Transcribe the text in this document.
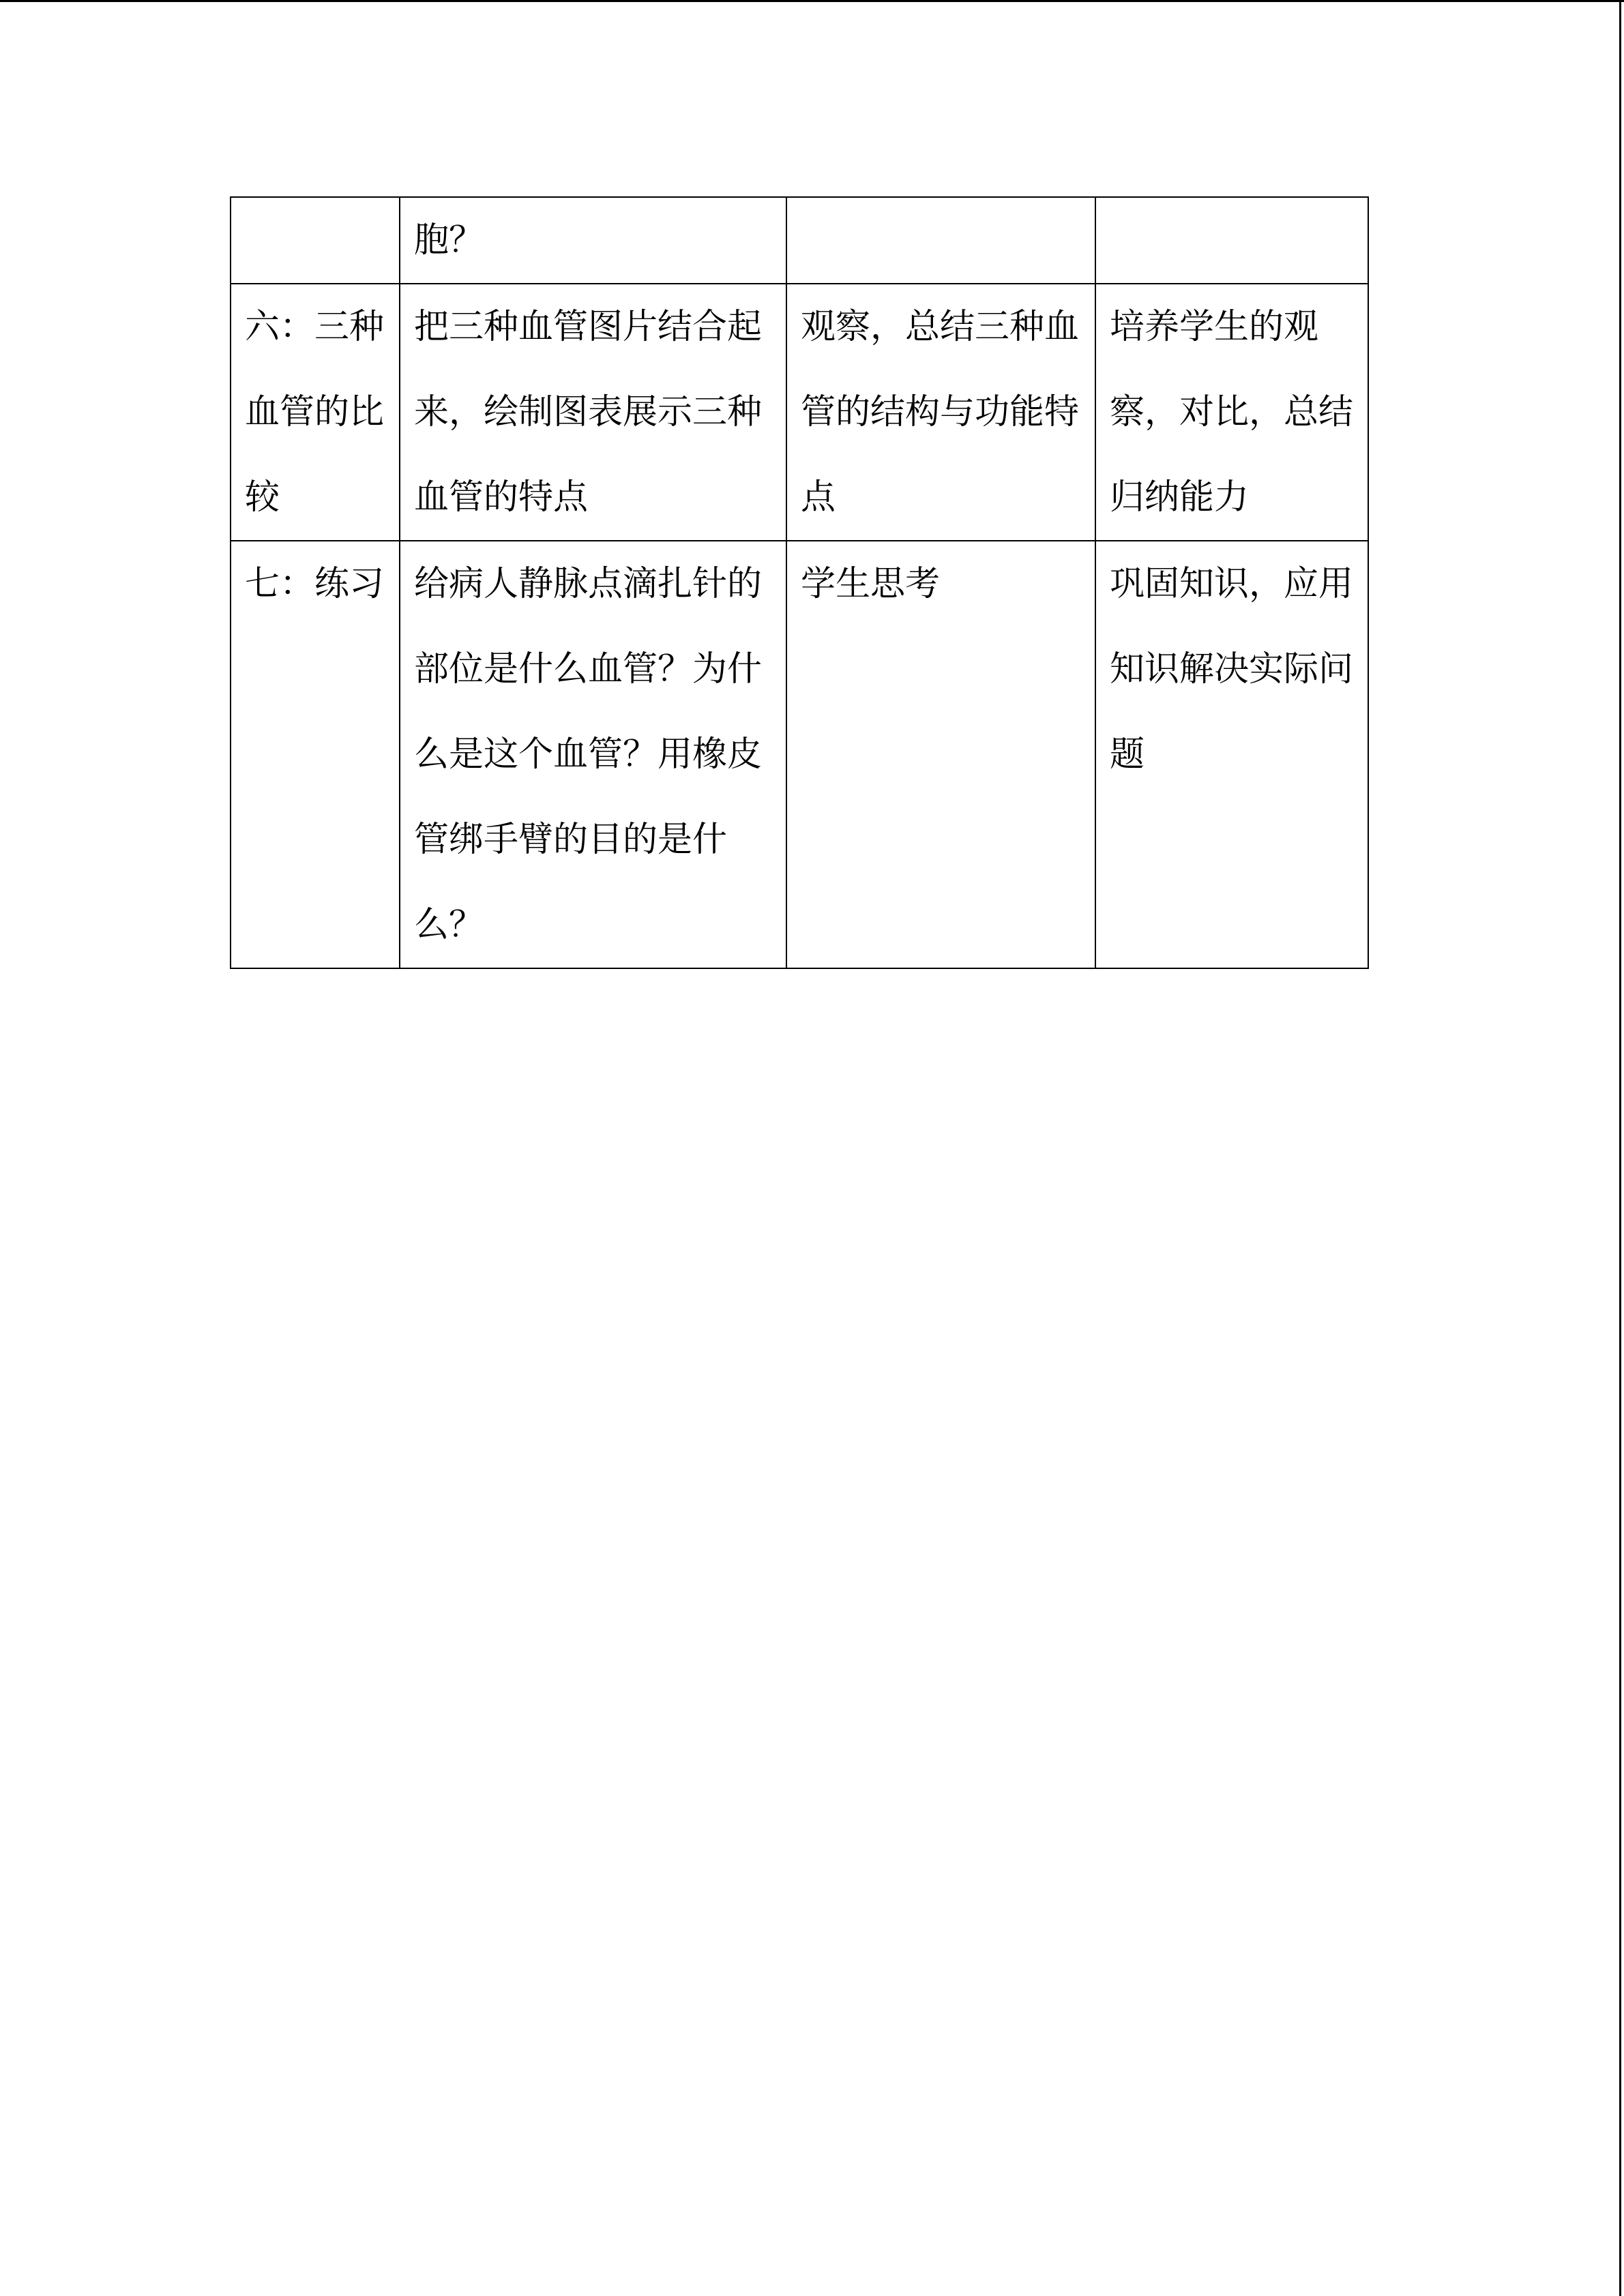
	胞？		

六：三种血管的比较	把三种血管图片结合起来，绘制图表展示三种血管的特点	观察，总结三种血管的结构与功能特点	培养学生的观察，对比，总结归纳能力

七：练习	给病人静脉点滴扎针的部位是什么血管？为什么是这个血管？用橡皮管绑手臂的目的是什么？	学生思考	巩固知识，应用知识解决实际问题
